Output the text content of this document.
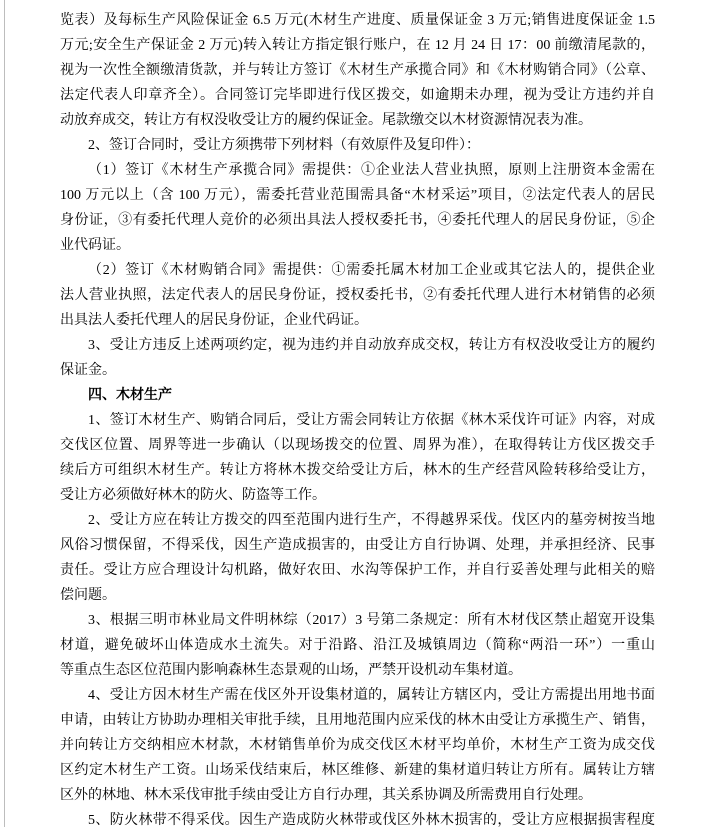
览表）及每标生产风险保证金 6.5 万元(木材生产进度、质量保证金 3 万元;销售进度保证金 1.5
万元;安全生产保证金 2 万元)转入转让方指定银行账户，在 12 月 24 日 17：00 前缴清尾款的，
视为一次性全额缴清货款，并与转让方签订《木材生产承揽合同》和《木材购销合同》（公章、
法定代表人印章齐全）。合同签订完毕即进行伐区拨交，如逾期未办理，视为受让方违约并自
动放弃成交，转让方有权没收受让方的履约保证金。尾款缴交以木材资源情况表为准。
2、签订合同时，受让方须携带下列材料（有效原件及复印件）：
（1）签订《木材生产承揽合同》需提供：①企业法人营业执照，原则上注册资本金需在
100 万元以上（含 100 万元），需委托营业范围需具备“木材采运”项目，②法定代表人的居民
身份证，③有委托代理人竞价的必须出具法人授权委托书，④委托代理人的居民身份证，⑤企
业代码证。
（2）签订《木材购销合同》需提供：①需委托属木材加工企业或其它法人的，提供企业
法人营业执照，法定代表人的居民身份证，授权委托书，②有委托代理人进行木材销售的必须
出具法人委托代理人的居民身份证，企业代码证。
3、受让方违反上述两项约定，视为违约并自动放弃成交权，转让方有权没收受让方的履约
保证金。
四、木材生产
1、签订木材生产、购销合同后，受让方需会同转让方依据《林木采伐许可证》内容，对成
交伐区位置、周界等进一步确认（以现场拨交的位置、周界为准），在取得转让方伐区拨交手
续后方可组织木材生产。转让方将林木拨交给受让方后，林木的生产经营风险转移给受让方，
受让方必须做好林木的防火、防盗等工作。
2、受让方应在转让方拨交的四至范围内进行生产，不得越界采伐。伐区内的墓旁树按当地
风俗习惯保留，不得采伐，因生产造成损害的，由受让方自行协调、处理，并承担经济、民事
责任。受让方应合理设计勾机路，做好农田、水沟等保护工作，并自行妥善处理与此相关的赔
偿问题。
3、根据三明市林业局文件明林综（2017）3 号第二条规定：所有木材伐区禁止超宽开设集
材道，避免破坏山体造成水土流失。对于沿路、沿江及城镇周边（简称“两沿一环”）一重山
等重点生态区位范围内影响森林生态景观的山场，严禁开设机动车集材道。
4、受让方因木材生产需在伐区外开设集材道的，属转让方辖区内，受让方需提出用地书面
申请，由转让方协助办理相关审批手续，且用地范围内应采伐的林木由受让方承揽生产、销售，
并向转让方交纳相应木材款，木材销售单价为成交伐区木材平均单价，木材生产工资为成交伐
区约定木材生产工资。山场采伐结束后，林区维修、新建的集材道归转让方所有。属转让方辖
区外的林地、林木采伐审批手续由受让方自行办理，其关系协调及所需费用自行处理。
5、防火林带不得采伐。因生产造成防火林带或伐区外林木损害的，受让方应根据损害程度
